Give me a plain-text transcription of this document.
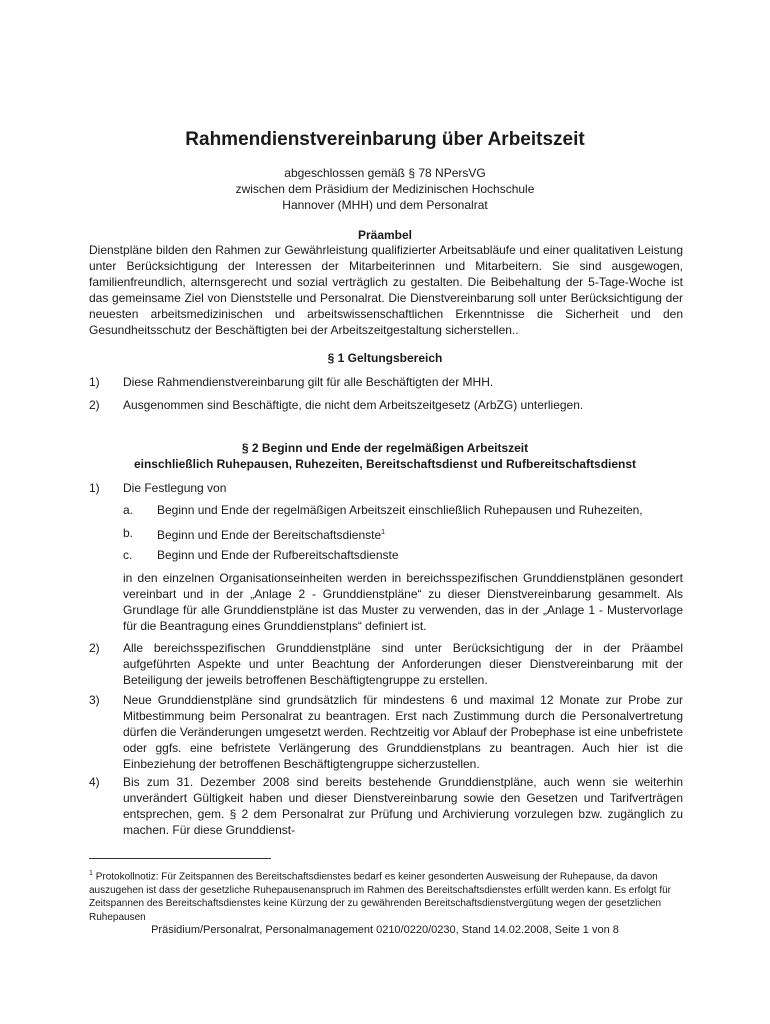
Rahmendienstvereinbarung über Arbeitszeit
abgeschlossen gemäß § 78 NPersVG
zwischen dem Präsidium der Medizinischen Hochschule
Hannover (MHH) und dem Personalrat
Präambel

Dienstpläne bilden den Rahmen zur Gewährleistung qualifizierter Arbeitsabläufe und einer qualitativen Leistung unter Berücksichtigung der Interessen der Mitarbeiterinnen und Mitarbeitern. Sie sind ausgewogen, familienfreundlich, alternsgerecht und sozial verträglich zu gestalten. Die Beibehaltung der 5-Tage-Woche ist das gemeinsame Ziel von Dienststelle und Personalrat. Die Dienstvereinbarung soll unter Berücksichtigung der neuesten arbeitsmedizinischen und arbeitswissenschaftlichen Erkenntnisse die Sicherheit und den Gesundheitsschutz der Beschäftigten bei der Arbeitszeitgestaltung sicherstellen..

§ 1 Geltungsbereich
1) Diese Rahmendienstvereinbarung gilt für alle Beschäftigten der MHH.
2) Ausgenommen sind Beschäftigte, die nicht dem Arbeitszeitgesetz (ArbZG) unterliegen.
§ 2 Beginn und Ende der regelmäßigen Arbeitszeit
einschließlich Ruhepausen, Ruhezeiten, Bereitschaftsdienst und Rufbereitschaftsdienst
1) Die Festlegung von
a. Beginn und Ende der regelmäßigen Arbeitszeit einschließlich Ruhepausen und Ruhezeiten,
b. Beginn und Ende der Bereitschaftsdienste$^1$
c. Beginn und Ende der Rufbereitschaftsdienste

in den einzelnen Organisationseinheiten werden in bereichsspezifischen Grunddienstplänen gesondert vereinbart und in der „Anlage 2 - Grunddienstpläne“ zu dieser Dienstvereinbarung gesammelt. Als Grundlage für alle Grunddienstpläne ist das Muster zu verwenden, das in der „Anlage 1 - Mustervorlage für die Beantragung eines Grunddienstplans“ definiert ist.

2) Alle bereichsspezifischen Grunddienstpläne sind unter Berücksichtigung der in der Präambel aufgeführten Aspekte und unter Beachtung der Anforderungen dieser Dienstvereinbarung mit der Beteiligung der jeweils betroffenen Beschäftigtengruppe zu erstellen.

3) Neue Grunddienstpläne sind grundsätzlich für mindestens 6 und maximal 12 Monate zur Probe zur Mitbestimmung beim Personalrat zu beantragen. Erst nach Zustimmung durch die Personalvertretung dürfen die Veränderungen umgesetzt werden. Rechtzeitig vor Ablauf der Probephase ist eine unbefristete oder ggfs. eine befristete Verlängerung des Grunddienstplans zu beantragen. Auch hier ist die Einbeziehung der betroffenen Beschäftigtengruppe sicherzustellen.

4) Bis zum 31. Dezember 2008 sind bereits bestehende Grunddienstpläne, auch wenn sie weiterhin unverändert Gültigkeit haben und dieser Dienstvereinbarung sowie den Gesetzen und Tarifverträgen entsprechen, gem. § 2 dem Personalrat zur Prüfung und Archivierung vorzulegen bzw. zugänglich zu machen. Für diese Grunddienst-

$^1$ Protokollnotiz: Für Zeitspannen des Bereitschaftsdienstes bedarf es keiner gesonderten Ausweisung der Ruhepause, da davon auszugehen ist dass der gesetzliche Ruhepausenanspruch im Rahmen des Bereitschaftsdienstes erfüllt werden kann. Es erfolgt für Zeitspannen des Bereitschaftsdienstes keine Kürzung der zu gewährenden Bereitschaftsdienstvergütung wegen der gesetzlichen Ruhepausen

Präsidium/Personalrat, Personalmanagement 0210/0220/0230, Stand 14.02.2008, Seite 1 von 8
